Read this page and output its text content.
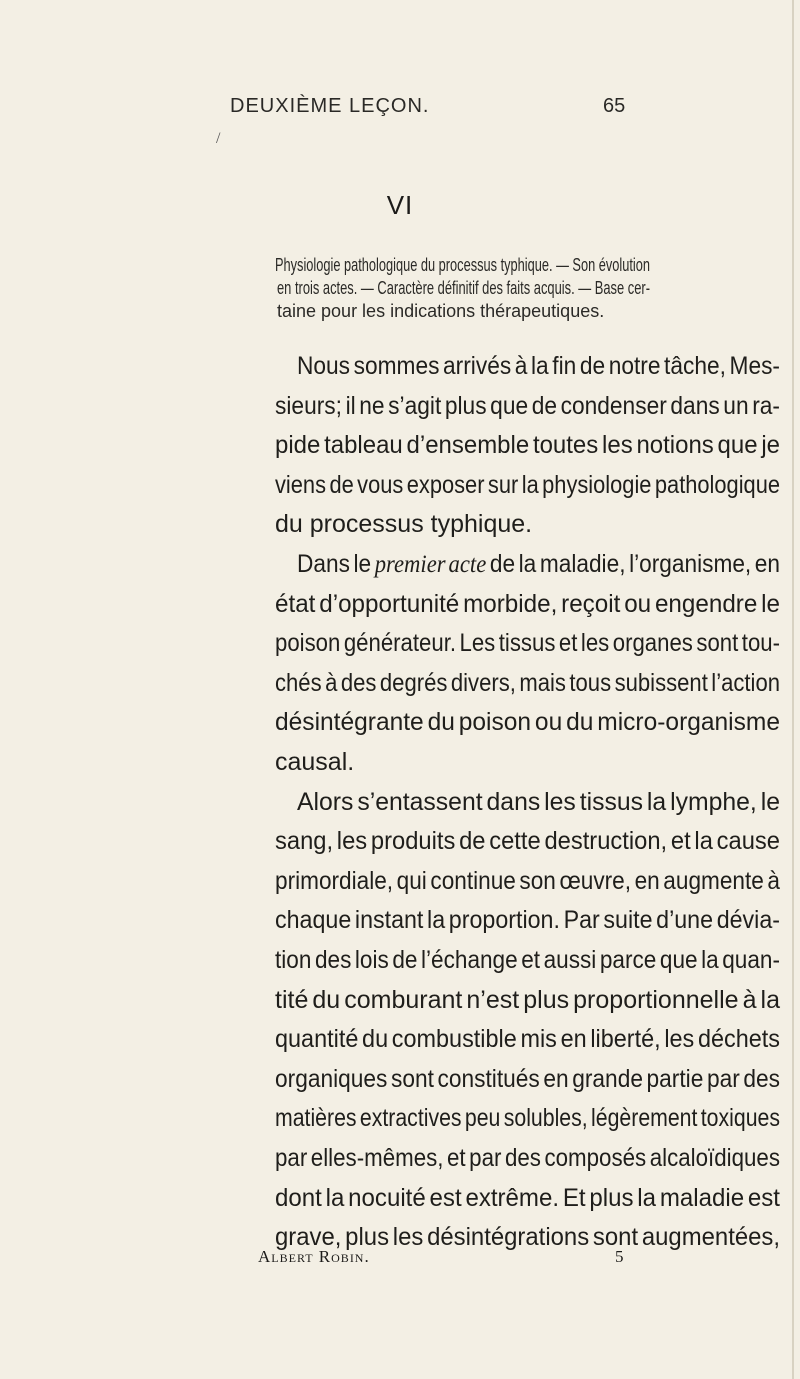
DEUXIÈME LEÇON.	65
/
VI
Physiologie pathologique du processus typhique. — Son évolution
en trois actes. — Caractère définitif des faits acquis. — Base cer-
taine pour les indications thérapeutiques.
Nous sommes arrivés à la fin de notre tâche, Mes-
sieurs; il ne s’agit plus que de condenser dans un ra-
pide tableau d’ensemble toutes les notions que je
viens de vous exposer sur la physiologie pathologique
du processus typhique.
Dans le premier acte de la maladie, l’organisme, en
état d’opportunité morbide, reçoit ou engendre le
poison générateur. Les tissus et les organes sont tou-
chés à des degrés divers, mais tous subissent l’action
désintégrante du poison ou du micro-organisme
causal.
Alors s’entassent dans les tissus la lymphe, le
sang, les produits de cette destruction, et la cause
primordiale, qui continue son œuvre, en augmente à
chaque instant la proportion. Par suite d’une dévia-
tion des lois de l’échange et aussi parce que la quan-
tité du comburant n’est plus proportionnelle à la
quantité du combustible mis en liberté, les déchets
organiques sont constitués en grande partie par des
matières extractives peu solubles, légèrement toxiques
par elles-mêmes, et par des composés alcaloïdiques
dont la nocuité est extrême. Et plus la maladie est
grave, plus les désintégrations sont augmentées,
Albert Robin.	5
